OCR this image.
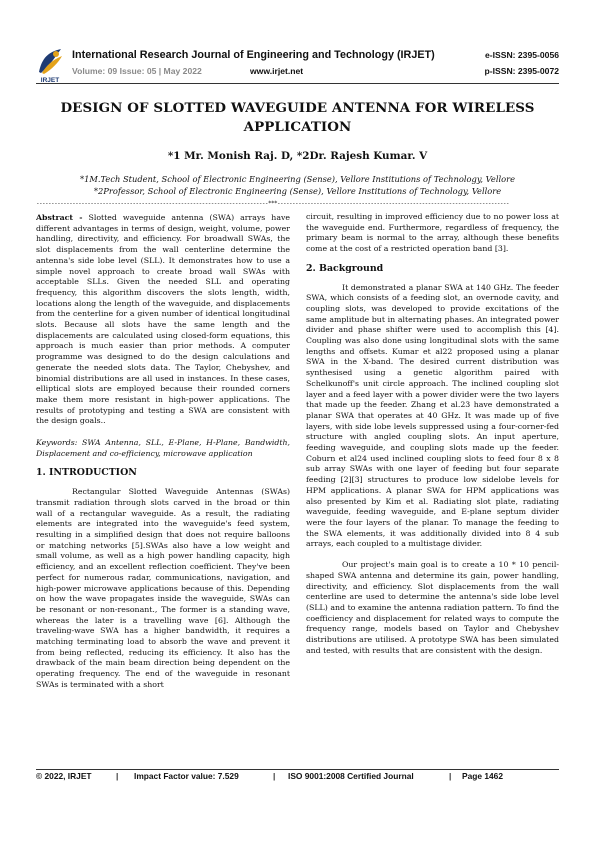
IRJET
International Research Journal of Engineering and Technology (IRJET)	e-ISSN: 2395-0056
Volume: 09 Issue: 05 | May 2022	www.irjet.net	p-ISSN: 2395-0072
DESIGN OF SLOTTED WAVEGUIDE ANTENNA FOR WIRELESS
APPLICATION
*1 Mr. Monish Raj. D, *2Dr. Rajesh Kumar. V
*1M.Tech Student, School of Electronic Engineering (Sense), Vellore Institutions of Technology, Vellore
*2Professor, School of Electronic Engineering (Sense), Vellore Institutions of Technology, Vellore
-----------------------------------------------------------------------------***-----------------------------------------------------------------------------

Abstract - Slotted waveguide antenna (SWA) arrays have different advantages in terms of design, weight, volume, power handling, directivity, and efficiency. For broadwall SWAs, the slot displacements from the wall centerline determine the antenna's side lobe level (SLL). It demonstrates how to use a simple novel approach to create broad wall SWAs with acceptable SLLs. Given the needed SLL and operating frequency, this algorithm discovers the slots length, width, locations along the length of the waveguide, and displacements from the centerline for a given number of identical longitudinal slots. Because all slots have the same length and the displacements are calculated using closed-form equations, this approach is much easier than prior methods. A computer programme was designed to do the design calculations and generate the needed slots data. The Taylor, Chebyshev, and binomial distributions are all used in instances. In these cases, elliptical slots are employed because their rounded corners make them more resistant in high-power applications. The results of prototyping and testing a SWA are consistent with the design goals..

Keywords: SWA Antenna, SLL, E-Plane, H-Plane, Bandwidth, Displacement and co-efficiency, microwave application

1. INTRODUCTION

Rectangular Slotted Waveguide Antennas (SWAs) transmit radiation through slots carved in the broad or thin wall of a rectangular waveguide. As a result, the radiating elements are integrated into the waveguide's feed system, resulting in a simplified design that does not require balloons or matching networks [5].SWAs also have a low weight and small volume, as well as a high power handling capacity, high efficiency, and an excellent reflection coefficient. They've been perfect for numerous radar, communications, navigation, and high-power microwave applications because of this. Depending on how the wave propagates inside the waveguide, SWAs can be resonant or non-resonant., The former is a standing wave, whereas the later is a travelling wave [6]. Although the traveling-wave SWA has a higher bandwidth, it requires a matching terminating load to absorb the wave and prevent it from being reflected, reducing its efficiency. It also has the drawback of the main beam direction being dependent on the operating frequency. The end of the waveguide in resonant SWAs is terminated with a short

circuit, resulting in improved efficiency due to no power loss at the waveguide end. Furthermore, regardless of frequency, the primary beam is normal to the array, although these benefits come at the cost of a restricted operation band [3].

2. Background

It demonstrated a planar SWA at 140 GHz. The feeder SWA, which consists of a feeding slot, an overnode cavity, and coupling slots, was developed to provide excitations of the same amplitude but in alternating phases. An integrated power divider and phase shifter were used to accomplish this [4]. Coupling was also done using longitudinal slots with the same lengths and offsets. Kumar et al22 proposed using a planar SWA in the X-band. The desired current distribution was synthesised using a genetic algorithm paired with Schelkunoff's unit circle approach. The inclined coupling slot layer and a feed layer with a power divider were the two layers that made up the feeder. Zhang et al.23 have demonstrated a planar SWA that operates at 40 GHz. It was made up of five layers, with side lobe levels suppressed using a four-corner-fed structure with angled coupling slots. An input aperture, feeding waveguide, and coupling slots made up the feeder. Coburn et al24 used inclined coupling slots to feed four 8 x 8 sub array SWAs with one layer of feeding but four separate feeding [2][3] structures to produce low sidelobe levels for HPM applications. A planar SWA for HPM applications was also presented by Kim et al. Radiating slot plate, radiating waveguide, feeding waveguide, and E-plane septum divider were the four layers of the planar. To manage the feeding to the SWA elements, it was additionally divided into 8 4 sub arrays, each coupled to a multistage divider.

Our project's main goal is to create a 10 * 10 pencil-shaped SWA antenna and determine its gain, power handling, directivity, and efficiency. Slot displacements from the wall centerline are used to determine the antenna's side lobe level (SLL) and to examine the antenna radiation pattern. To find the coefficiency and displacement for related ways to compute the frequency range, models based on Taylor and Chebyshev distributions are utilised. A prototype SWA has been simulated and tested, with results that are consistent with the design.

© 2022, IRJET	| Impact Factor value: 7.529	| ISO 9001:2008 Certified Journal	| Page 1462
